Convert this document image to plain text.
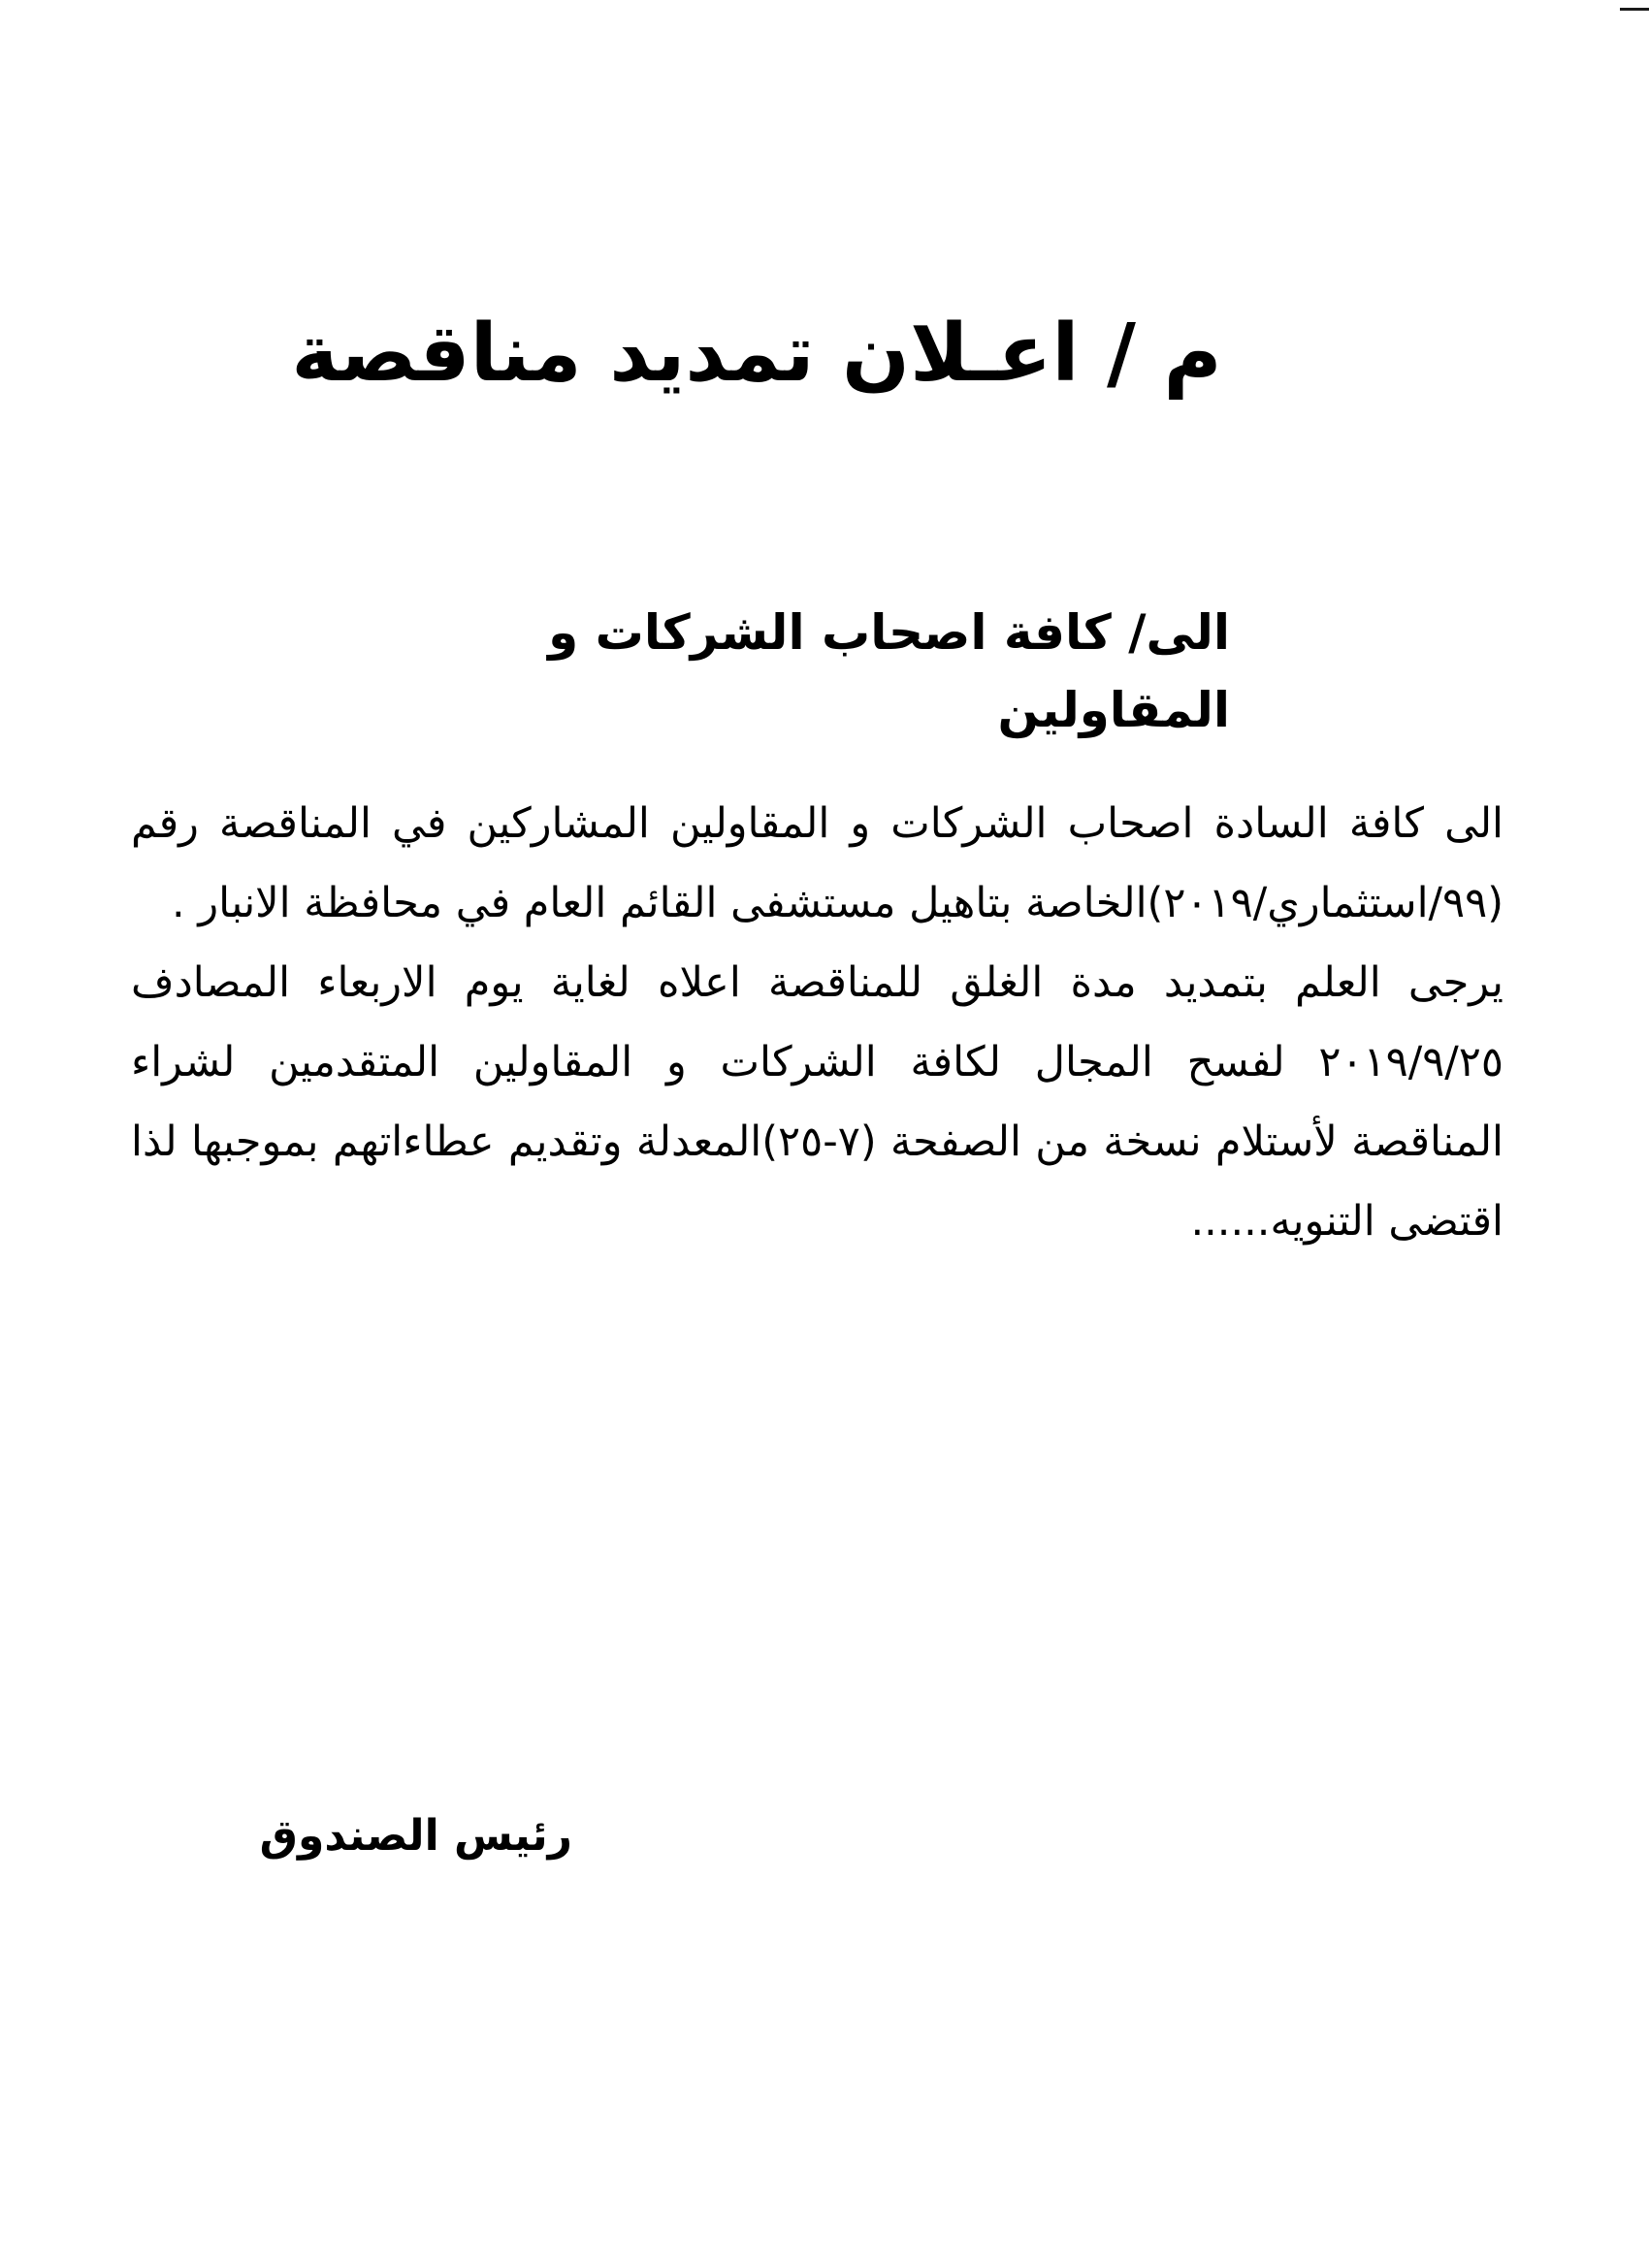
م / اعـلان تمديد مناقصة
الى/ كافة اصحاب الشركات و المقاولين

الى كافة السادة اصحاب الشركات و المقاولين المشاركين في المناقصة رقم (٩٩/استثماري/٢٠١٩)الخاصة بتاهيل مستشفى القائم العام في محافظة الانبار .

يرجى العلم بتمديد مدة الغلق للمناقصة اعلاه لغاية يوم الاربعاء المصادف ٢٠١٩/٩/٢٥ لفسح المجال لكافة الشركات و المقاولين المتقدمين لشراء المناقصة لأستلام نسخة من الصفحة (٧-٢٥)المعدلة وتقديم عطاءاتهم بموجبها لذا اقتضى التنويه......

رئيس الصندوق
